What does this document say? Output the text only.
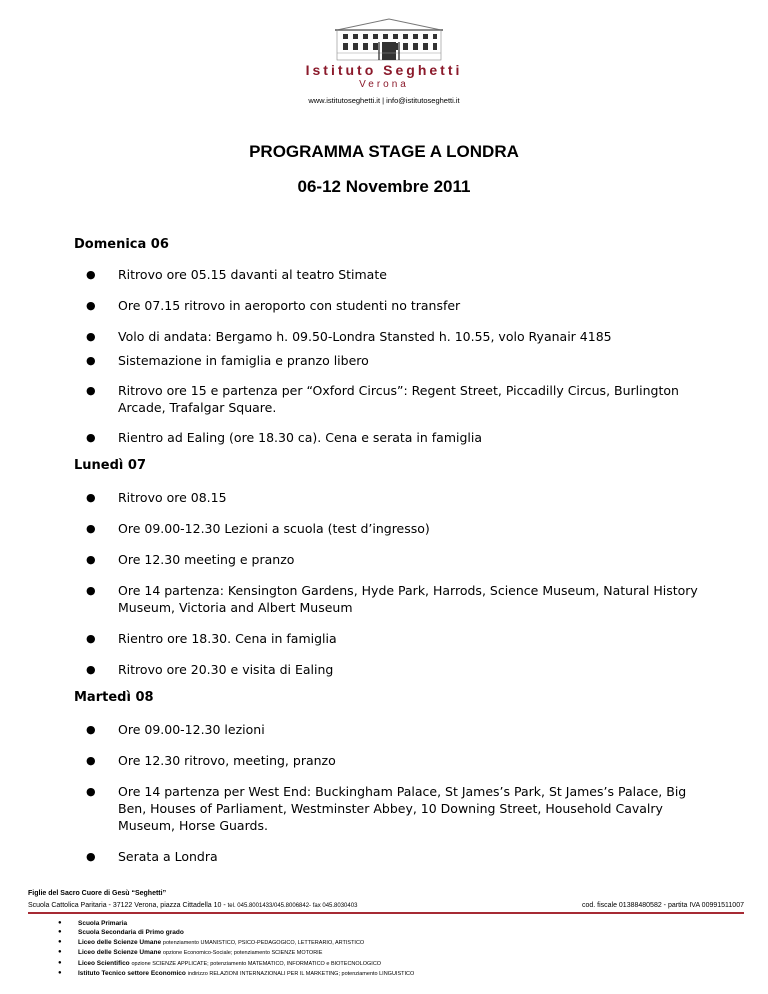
Istituto Seghetti
Verona
www.istitutoseghetti.it | info@istitutoseghetti.it
PROGRAMMA STAGE A LONDRA
06-12 Novembre 2011
Domenica 06
● Ritrovo ore 05.15 davanti al teatro Stimate
● Ore 07.15 ritrovo in aeroporto con studenti no transfer
● Volo di andata: Bergamo h. 09.50-Londra Stansted h. 10.55, volo Ryanair 4185
● Sistemazione in famiglia e pranzo libero
● Ritrovo ore 15 e partenza per “Oxford Circus”: Regent Street, Piccadilly Circus, Burlington Arcade, Trafalgar Square.
● Rientro ad Ealing (ore 18.30 ca). Cena e serata in famiglia
Lunedì 07
● Ritrovo ore 08.15
● Ore 09.00-12.30 Lezioni a scuola (test d’ingresso)
● Ore 12.30 meeting e pranzo
● Ore 14 partenza: Kensington Gardens, Hyde Park, Harrods, Science Museum, Natural History Museum, Victoria and Albert Museum
● Rientro ore 18.30. Cena in famiglia
● Ritrovo ore 20.30 e visita di Ealing
Martedì 08
● Ore 09.00-12.30 lezioni
● Ore 12.30 ritrovo, meeting, pranzo
● Ore 14 partenza per West End: Buckingham Palace, St James’s Park, St James’s Palace, Big Ben, Houses of Parliament, Westminster Abbey, 10 Downing Street, Household Cavalry Museum, Horse Guards.
● Serata a Londra
Figlie del Sacro Cuore di Gesù “Seghetti”
Scuola Cattolica Paritaria - 37122 Verona, piazza Cittadella 10 - tel. 045.8001433/045.8006842- fax 045.8030403	cod. fiscale 01388480582 - partita IVA 00991511007
●	Scuola Primaria
●	Scuola Secondaria di Primo grado
●	Liceo delle Scienze Umane potenziamento UMANISTICO, PSICO-PEDAGOGICO, LETTERARIO, ARTISTICO
●	Liceo delle Scienze Umane opzione Economico-Sociale; potenziamento SCIENZE MOTORIE
●	Liceo Scientifico opzione SCIENZE APPLICATE; potenziamento MATEMATICO, INFORMATICO e BIOTECNOLOGICO
●	Istituto Tecnico settore Economico indirizzo RELAZIONI INTERNAZIONALI PER IL MARKETING; potenziamento LINGUISTICO
